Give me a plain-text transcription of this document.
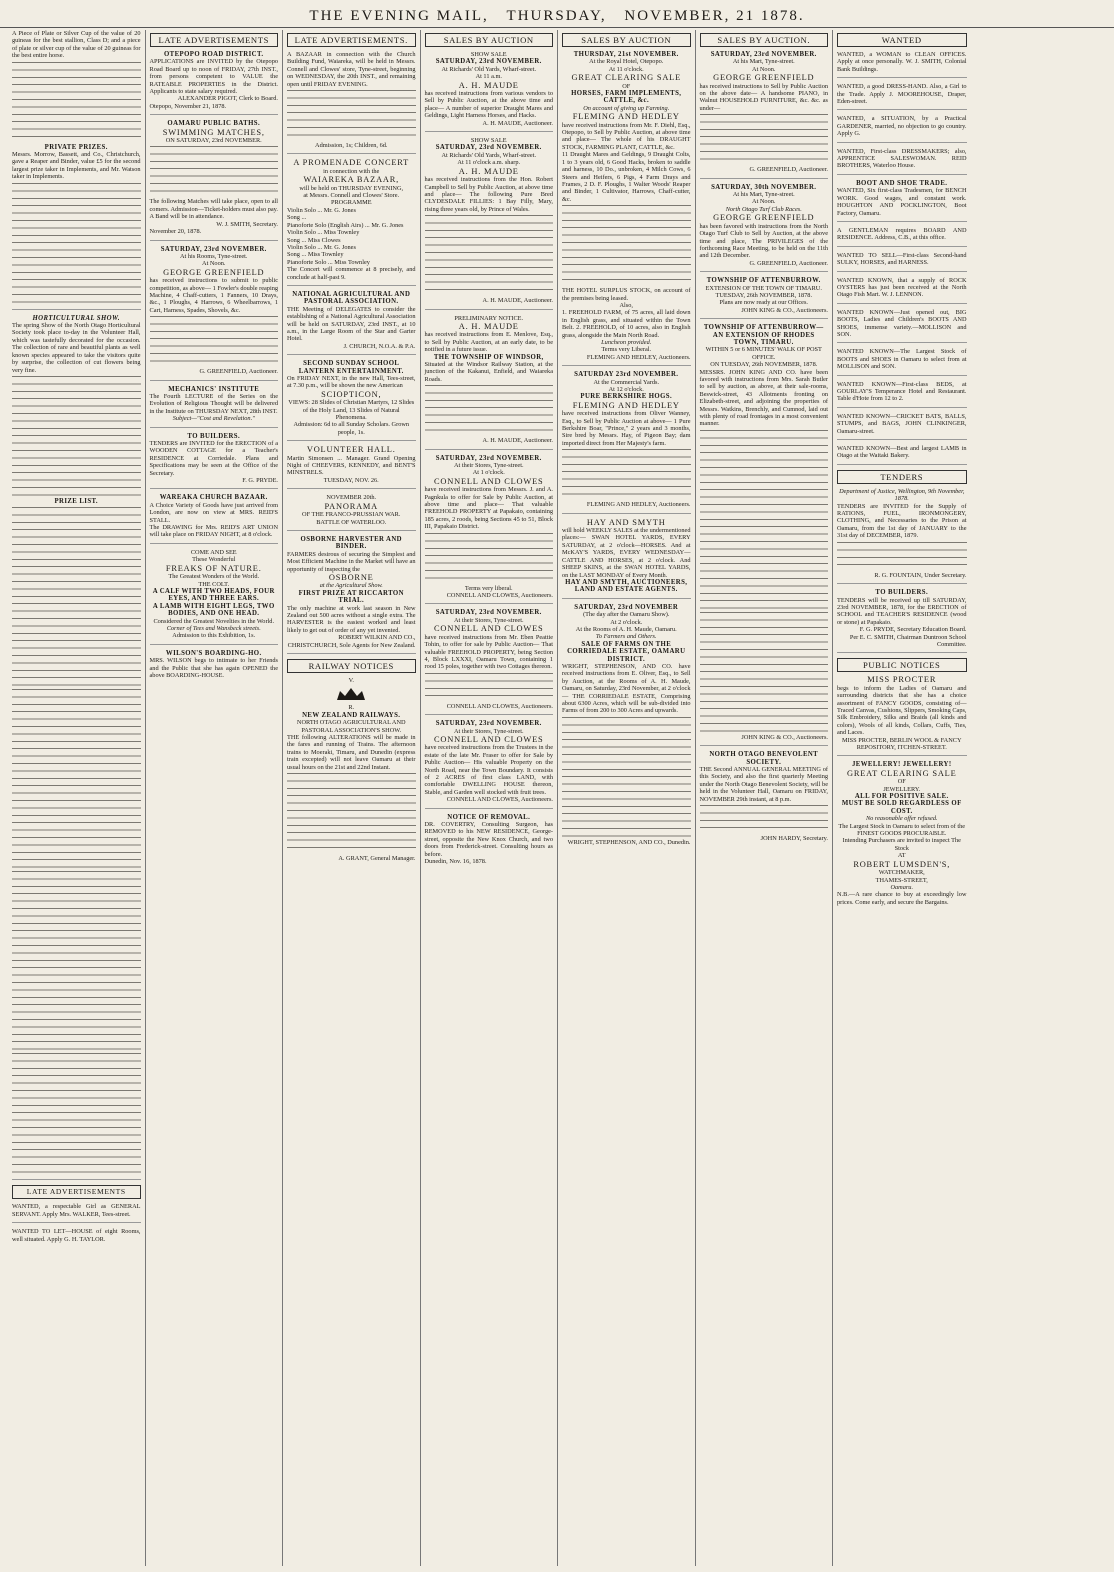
THE EVENING MAIL, THURSDAY, NOVEMBER, 21 1878.

A Piece of Plate or Silver Cup of the value of 20 guineas for the best stallion, Class D; and a piece of plate or silver cup of the value of 20 guineas for the best entire horse.

PRIVATE PRIZES.

Messrs. Morrow, Bassett, and Co., Christchurch, gave a Reaper and Binder, value £5 for the second largest prize taker in Implements, and Mr. Watson taker in Implements.

HORTICULTURAL SHOW.

The spring Show of the North Otago Horticultural Society took place to-day in the Volunteer Hall, which was tastefully decorated for the occasion. The collection of rare and beautiful plants as well known species appeared to take the visitors quite by surprise, the collection of cut flowers being very fine.

PRIZE LIST.

LATE ADVERTISEMENTS

WANTED, a respectable Girl as GENERAL SERVANT. Apply Mrs. WALKER, Tees-street.

WANTED TO LET—HOUSE of eight Rooms, well situated. Apply G. H. TAYLOR.

LATE ADVERTISEMENTS

OTEPOPO ROAD DISTRICT.

APPLICATIONS are INVITED by the Otepopo Road Board up to noon of FRIDAY, 27th INST., from persons competent to VALUE the RATEABLE PROPERTIES in the District. Applicants to state salary required.

ALEXANDER PIGOT, Clerk to Board.

Otepopo, November 21, 1878.

OAMARU PUBLIC BATHS.

SWIMMING MATCHES,

ON SATURDAY, 23rd NOVEMBER.

The following Matches will take place, open to all comers. Admission—Ticket-holders must also pay. A Band will be in attendance.

W. J. SMITH, Secretary.

November 20, 1878.

SATURDAY, 23rd NOVEMBER.

At his Rooms, Tyne-street.

At Noon.

GEORGE GREENFIELD

has received instructions to submit to public competition, as above— 1 Fowler's double reaping Machine, 4 Chaff-cutters, 1 Fanners, 10 Drays, &c., 1 Ploughs, 4 Harrows, 6 Wheelbarrows, 1 Cart, Harness, Spades, Shovels, &c.

G. GREENFIELD, Auctioneer.

MECHANICS' INSTITUTE

The Fourth LECTURE of the Series on the Evolution of Religious Thought will be delivered in the Institute on THURSDAY NEXT, 28th INST.

Subject—"Cost and Revelation."

TO BUILDERS.

TENDERS are INVITED for the ERECTION of a WOODEN COTTAGE for a Teacher's RESIDENCE at Corriedale. Plans and Specifications may be seen at the Office of the Secretary.

F. G. PRYDE.

WAREAKA CHURCH BAZAAR.

A Choice Variety of Goods have just arrived from London, are now on view at MRS. REID'S STALL.

The DRAWING for Mrs. REID'S ART UNION will take place on FRIDAY NIGHT, at 8 o'clock.

COME AND SEE

These Wonderful

FREAKS OF NATURE.

The Greatest Wonders of the World.

THE COLT.

A CALF WITH TWO HEADS, FOUR EYES, AND THREE EARS.

A LAMB WITH EIGHT LEGS, TWO BODIES, AND ONE HEAD.

Considered the Greatest Novelties in the World.

Corner of Tees and Wansbeck streets.

Admission to this Exhibition, 1s.

WILSON'S BOARDING-HO.

MRS. WILSON begs to intimate to her Friends and the Public that she has again OPENED the above BOARDING-HOUSE.

LATE ADVERTISEMENTS.

A BAZAAR in connection with the Church Building Fund, Waiareka, will be held in Messrs. Connell and Clowes' store, Tyne-street, beginning on WEDNESDAY, the 20th INST., and remaining open until FRIDAY EVENING.

Admission, 1s; Children, 6d.

A PROMENADE CONCERT

in connection with the

WAIAREKA BAZAAR,

will be held on THURSDAY EVENING,

at Messrs. Connell and Clowes' Store.

PROGRAMME

Violin Solo ... Mr. G. Jones

Song ...

Pianoforte Solo (English Airs) ... Mr. G. Jones

Violin Solo ... Miss Townley

Song ... Miss Clowes

Violin Solo ... Mr. G. Jones

Song ... Miss Townley

Pianoforte Solo ... Miss Townley

The Concert will commence at 8 precisely, and conclude at half-past 9.

NATIONAL AGRICULTURAL AND PASTORAL ASSOCIATION.

THE Meeting of DELEGATES to consider the establishing of a National Agricultural Association will be held on SATURDAY, 23rd INST., at 10 a.m., in the Large Room of the Star and Garter Hotel.

J. CHURCH, N.O.A. & P.A.

SECOND SUNDAY SCHOOL LANTERN ENTERTAINMENT.

On FRIDAY NEXT, in the new Hall, Tees-street, at 7.30 p.m., will be shown the new American

SCIOPTICON,

VIEWS: 28 Slides of Christian Martyrs, 12 Slides of the Holy Land, 13 Slides of Natural Phenomena.

Admission: 6d to all Sunday Scholars. Grown people, 1s.

VOLUNTEER HALL.

Martin Simonsen ... Manager. Grand Opening Night of CHEEVERS, KENNEDY, and BENT'S MINSTRELS.

TUESDAY, NOV. 26.

NOVEMBER 20th.

PANORAMA

OF THE FRANCO-PRUSSIAN WAR.

BATTLE OF WATERLOO.

OSBORNE HARVESTER AND BINDER.

FARMERS desirous of securing the Simplest and Most Efficient Machine in the Market will have an opportunity of inspecting the

OSBORNE

at the Agricultural Show.

FIRST PRIZE AT RICCARTON TRIAL.

The only machine at work last season in New Zealand out 500 acres without a single extra. The HARVESTER is the easiest worked and least likely to get out of order of any yet invented.

ROBERT WILKIN AND CO., CHRISTCHURCH, Sole Agents for New Zealand.

RAILWAY NOTICES

V.
R.

NEW ZEALAND RAILWAYS.

NORTH OTAGO AGRICULTURAL AND PASTORAL ASSOCIATION'S SHOW.

THE following ALTERATIONS will be made in the fares and running of Trains. The afternoon trains to Moeraki, Timaru, and Dunedin (express train excepted) will not leave Oamaru at their usual hours on the 21st and 22nd Instant.

A. GRANT, General Manager.

SALES BY AUCTION

SHOW SALE

SATURDAY, 23rd NOVEMBER.

At Richards' Old Yards, Wharf-street.

At 11 a.m.

A. H. MAUDE

has received instructions from various vendors to Sell by Public Auction, at the above time and place— A number of superior Draught Mares and Geldings, Light Harness Horses, and Hacks.

A. H. MAUDE, Auctioneer.

SHOW SALE

SATURDAY, 23rd NOVEMBER.

At Richards' Old Yards, Wharf-street.

At 11 o'clock a.m. sharp.

A. H. MAUDE

has received instructions from the Hon. Robert Campbell to Sell by Public Auction, at above time and place— The following Pure Bred CLYDESDALE FILLIES: 1 Bay Filly, Mary, rising three years old, by Prince of Wales.

A. H. MAUDE, Auctioneer.

PRELIMINARY NOTICE.

A. H. MAUDE

has received instructions from E. Menlove, Esq., to Sell by Public Auction, at an early date, to be notified in a future issue.

THE TOWNSHIP OF WINDSOR,

Situated at the Windsor Railway Station, at the junction of the Kakanui, Enfield, and Waiareka Roads.

A. H. MAUDE, Auctioneer.

SATURDAY, 23rd NOVEMBER.

At their Stores, Tyne-street.

At 1 o'clock.

CONNELL AND CLOWES

have received instructions from Messrs. J. and A. Pagnkula to offer for Sale by Public Auction, at above time and place— That valuable FREEHOLD PROPERTY at Papakaio, containing 185 acres, 2 roods, being Sections 45 to 51, Block III, Papakaio District.

Terms very liberal.

CONNELL AND CLOWES, Auctioneers.

SATURDAY, 23rd NOVEMBER.

At their Stores, Tyne-street.

CONNELL AND CLOWES

have received instructions from Mr. Eben Peattie Tohin, to offer for sale by Public Auction— That valuable FREEHOLD PROPERTY, being Section 4, Block LXXXI, Oamaru Town, containing 1 rood 15 poles, together with two Cottages thereon.

CONNELL AND CLOWES, Auctioneers.

SATURDAY, 23rd NOVEMBER.

At their Stores, Tyne-street.

CONNELL AND CLOWES

have received instructions from the Trustees in the estate of the late Mr. Fraser to offer for Sale by Public Auction— His valuable Property on the North Road, near the Town Boundary. It consists of 2 ACRES of first class LAND, with comfortable DWELLING HOUSE thereon, Stable, and Garden well stocked with fruit trees.

CONNELL AND CLOWES, Auctioneers.

NOTICE OF REMOVAL.

DR. COVERTRY, Consulting Surgeon, has REMOVED to his NEW RESIDENCE, George-street, opposite the New Knox Church, and two doors from Frederick-street. Consulting hours as before.

Dunedin, Nov. 16, 1878.

SALES BY AUCTION

THURSDAY, 21st NOVEMBER.

At the Royal Hotel, Otepopo.

At 11 o'clock.

GREAT CLEARING SALE

OF

HORSES, FARM IMPLEMENTS, CATTLE, &c.

On account of giving up Farming.

FLEMING AND HEDLEY

have received instructions from Mr. F. Diehl, Esq., Otepopo, to Sell by Public Auction, at above time and place— The whole of his DRAUGHT STOCK, FARMING PLANT, CATTLE, &c.

11 Draught Mares and Geldings, 9 Draught Colts, 1 to 3 years old, 6 Good Hacks, broken to saddle and harness, 10 Do., unbroken, 4 Milch Cows, 6 Steers and Heifers, 6 Pigs, 4 Farm Drays and Frames, 2 D. F. Ploughs, 1 Walter Woods' Reaper and Binder, 1 Cultivator, Harrows, Chaff-cutter, &c.

THE HOTEL SURPLUS STOCK, on account of the premises being leased.

Also,

1. FREEHOLD FARM, of 75 acres, all laid down in English grass, and situated within the Town Belt. 2. FREEHOLD, of 10 acres, also in English grass, alongside the Main North Road.

Luncheon provided.

Terms very Liberal.

FLEMING AND HEDLEY, Auctioneers.

SATURDAY 23rd NOVEMBER.

At the Commercial Yards.

At 12 o'clock.

PURE BERKSHIRE HOGS.

FLEMING AND HEDLEY

have received instructions from Oliver Wanney, Esq., to Sell by Public Auction at above— 1 Pure Berkshire Boar, "Prince," 2 years and 3 months, Sire bred by Messrs. Hay, of Pigeon Bay; dam imported direct from Her Majesty's farm.

FLEMING AND HEDLEY, Auctioneers.

HAY AND SMYTH

will hold WEEKLY SALES at the undermentioned places:— SWAN HOTEL YARDS, EVERY SATURDAY, at 2 o'clock—HORSES. And at McKAY'S YARDS, EVERY WEDNESDAY—CATTLE AND HORSES, at 2 o'clock. And SHEEP SKINS, at the SWAN HOTEL YARDS, on the LAST MONDAY of Every Month.

HAY AND SMYTH, AUCTIONEERS, LAND AND ESTATE AGENTS.

SATURDAY, 23rd NOVEMBER

(The day after the Oamaru Show).

At 2 o'clock.

At the Rooms of A. H. Maude, Oamaru.

To Farmers and Others.

SALE OF FARMS ON THE CORRIEDALE ESTATE, OAMARU DISTRICT.

WRIGHT, STEPHENSON, AND CO. have received instructions from E. Oliver, Esq., to Sell by Auction, at the Rooms of A. H. Maude, Oamaru, on Saturday, 23rd November, at 2 o'clock— THE CORRIEDALE ESTATE, Comprising about 6300 Acres, which will be sub-divided into Farms of from 200 to 300 Acres and upwards.

WRIGHT, STEPHENSON, AND CO., Dunedin.

SALES BY AUCTION.

SATURDAY, 23rd NOVEMBER.

At his Mart, Tyne-street.

At Noon.

GEORGE GREENFIELD

has received instructions to Sell by Public Auction on the above date— A handsome PIANO, in Walnut HOUSEHOLD FURNITURE, &c. &c. as under—

G. GREENFIELD, Auctioneer.

SATURDAY, 30th NOVEMBER.

At his Mart, Tyne-street.

At Noon.

North Otago Turf Club Races.

GEORGE GREENFIELD

has been favored with instructions from the North Otago Turf Club to Sell by Auction, at the above time and place, The PRIVILEGES of the forthcoming Race Meeting, to be held on the 11th and 12th December.

G. GREENFIELD, Auctioneer.

TOWNSHIP OF ATTENBURROW.

EXTENSION OF THE TOWN OF TIMARU.

TUESDAY, 26th NOVEMBER, 1878.

Plans are now ready at our Offices.

JOHN KING & CO., Auctioneers.

TOWNSHIP OF ATTENBURROW—AN EXTENSION OF RHODES TOWN, TIMARU.

WITHIN 5 or 6 MINUTES' WALK OF POST OFFICE.

ON TUESDAY, 26th NOVEMBER, 1878.

MESSRS. JOHN KING AND CO. have been favored with instructions from Mrs. Sarah Butler to sell by auction, as above, at their sale-rooms, Beswick-street, 43 Allotments fronting on Elizabeth-street, and adjoining the properties of Messrs. Watkins, Brenchly, and Cumnod, laid out with plenty of road frontages in a most convenient manner.

JOHN KING & CO., Auctioneers.

NORTH OTAGO BENEVOLENT SOCIETY.

THE Second ANNUAL GENERAL MEETING of this Society, and also the first quarterly Meeting under the North Otago Benevolent Society, will be held in the Volunteer Hall, Oamaru on FRIDAY, NOVEMBER 29th instant, at 8 p.m.

JOHN HARDY, Secretary.

WANTED

WANTED, a WOMAN to CLEAN OFFICES. Apply at once personally. W. J. SMITH, Colonial Bank Buildings.

WANTED, a good DRESS-HAND. Also, a Girl to the Trade. Apply J. MOOREHOUSE, Draper, Eden-street.

WANTED, a SITUATION, by a Practical GARDENER, married, no objection to go country. Apply G.

WANTED, First-class DRESSMAKERS; also, APPRENTICE SALESWOMAN. REID BROTHERS, Waterloo House.

BOOT AND SHOE TRADE.

WANTED, Six first-class Tradesmen, for BENCH WORK. Good wages, and constant work. HOUGHTON AND POCKLINGTON, Boot Factory, Oamaru.

A GENTLEMAN requires BOARD AND RESIDENCE. Address, C.B., at this office.

WANTED TO SELL—First-class Second-hand SULKY, HORSES, and HARNESS.

WANTED KNOWN, that a supply of ROCK OYSTERS has just been received at the North Otago Fish Mart. W. J. LENNON.

WANTED KNOWN—Just opened out, BIG BOOTS, Ladies and Children's BOOTS AND SHOES, immense variety.—MOLLISON and SON.

WANTED KNOWN—The Largest Stock of BOOTS and SHOES in Oamaru to select from at MOLLISON and SON.

WANTED KNOWN—First-class BEDS, at GOURLAY'S Temperance Hotel and Restaurant. Table d'Hote from 12 to 2.

WANTED KNOWN—CRICKET BATS, BALLS, STUMPS, and BAGS, JOHN CLINKINGER, Oamaru-street.

WANTED KNOWN—Best and largest LAMB in Otago at the Waitaki Bakery.

TENDERS

Department of Justice, Wellington, 9th November, 1878.

TENDERS are INVITED for the Supply of RATIONS, FUEL, IRONMONGERY, CLOTHING, and Necessaries to the Prison at Oamaru, from the 1st day of JANUARY to the 31st day of DECEMBER, 1879.

R. G. FOUNTAIN, Under Secretary.

TO BUILDERS.

TENDERS will be received up till SATURDAY, 23rd NOVEMBER, 1878, for the ERECTION of SCHOOL and TEACHER'S RESIDENCE (wood or stone) at Papakaio.

F. G. PRYDE, Secretary Education Board.

Per E. C. SMITH, Chairman Duntroon School Committee.

PUBLIC NOTICES

MISS PROCTER

begs to inform the Ladies of Oamaru and surrounding districts that she has a choice assortment of FANCY GOODS, consisting of— Traced Canvas, Cushions, Slippers, Smoking Caps, Silk Embroidery, Silks and Braids (all kinds and colors), Wools of all kinds, Collars, Cuffs, Ties, and Laces.

MISS PROCTER, BERLIN WOOL & FANCY REPOSITORY, ITCHEN-STREET.

JEWELLERY! JEWELLERY!

GREAT CLEARING SALE

OF

JEWELLERY.

ALL FOR POSITIVE SALE.

MUST BE SOLD REGARDLESS OF COST.

No reasonable offer refused.

The Largest Stock in Oamaru to select from of the FINEST GOODS PROCURABLE.

Intending Purchasers are invited to inspect The Stock

AT

ROBERT LUMSDEN'S,

WATCHMAKER,

THAMES-STREET,

Oamaru.

N.B.—A rare chance to buy at exceedingly low prices. Come early, and secure the Bargains.
